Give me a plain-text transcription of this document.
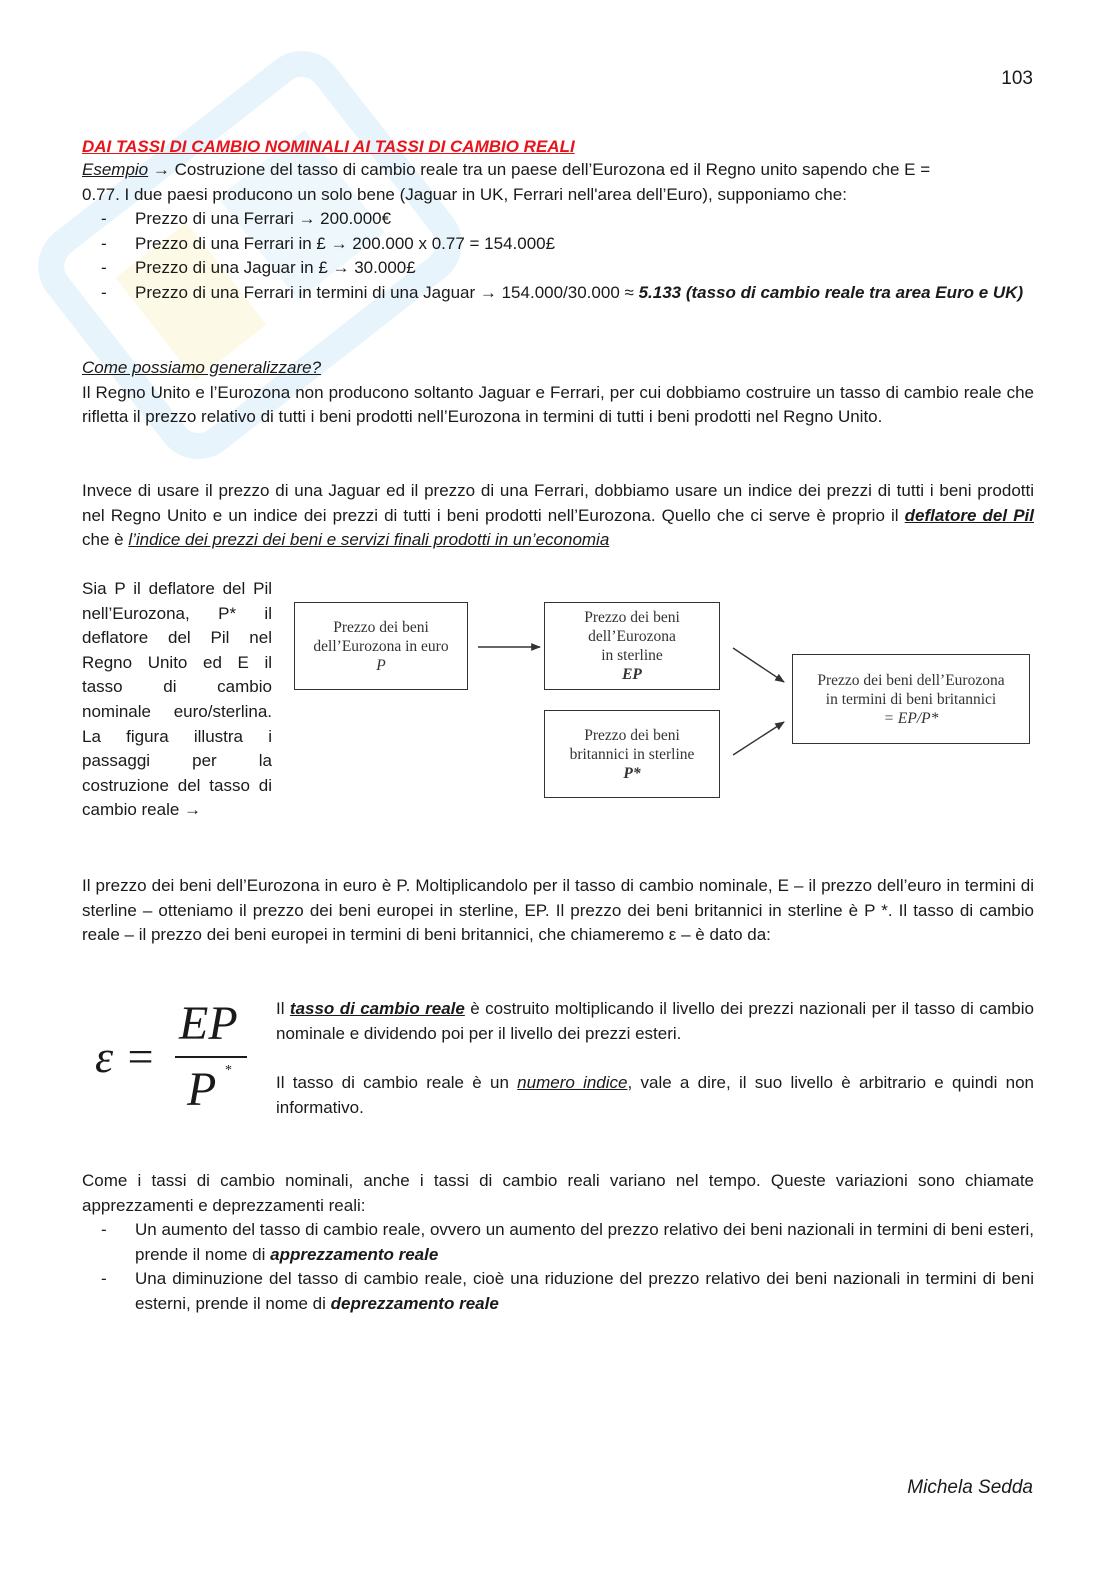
103
DAI TASSI DI CAMBIO NOMINALI AI TASSI DI CAMBIO REALI
Esempio → Costruzione del tasso di cambio reale tra un paese dell’Eurozona ed il Regno unito sapendo che E =
0.77. I due paesi producono un solo bene (Jaguar in UK, Ferrari nell'area dell’Euro), supponiamo che:
- Prezzo di una Ferrari → 200.000€
- Prezzo di una Ferrari in £ → 200.000 x 0.77 = 154.000£
- Prezzo di una Jaguar in £ → 30.000£
- Prezzo di una Ferrari in termini di una Jaguar → 154.000/30.000 ≈ 5.133 (tasso di cambio reale tra area Euro e UK)
Come possiamo generalizzare?
Il Regno Unito e l’Eurozona non producono soltanto Jaguar e Ferrari, per cui dobbiamo costruire un tasso di cambio reale che rifletta il prezzo relativo di tutti i beni prodotti nell’Eurozona in termini di tutti i beni prodotti nel Regno Unito.
Invece di usare il prezzo di una Jaguar ed il prezzo di una Ferrari, dobbiamo usare un indice dei prezzi di tutti i beni prodotti nel Regno Unito e un indice dei prezzi di tutti i beni prodotti nell’Eurozona. Quello che ci serve è proprio il deflatore del Pil che è l’indice dei prezzi dei beni e servizi finali prodotti in un’economia
Sia P il deflatore del Pil nell’Eurozona, P* il deflatore del Pil nel Regno Unito ed E il tasso di cambio nominale euro/sterlina. La figura illustra i passaggi per la costruzione del tasso di cambio reale →
Prezzo dei beni
dell’Eurozona in euro
P
Prezzo dei beni
dell’Eurozona
in sterline
EP
Prezzo dei beni
britannici in sterline
P*
Prezzo dei beni dell’Eurozona
in termini di beni britannici
= EP/P*
Il prezzo dei beni dell’Eurozona in euro è P. Moltiplicandolo per il tasso di cambio nominale, E – il prezzo dell’euro in termini di sterline – otteniamo il prezzo dei beni europei in sterline, EP. Il prezzo dei beni britannici in sterline è P *. Il tasso di cambio reale – il prezzo dei beni europei in termini di beni britannici, che chiameremo ε – è dato da:
ε =
EP
P *
Il tasso di cambio reale è costruito moltiplicando il livello dei prezzi nazionali per il tasso di cambio nominale e dividendo poi per il livello dei prezzi esteri.
Il tasso di cambio reale è un numero indice, vale a dire, il suo livello è arbitrario e quindi non informativo.
Come i tassi di cambio nominali, anche i tassi di cambio reali variano nel tempo. Queste variazioni sono chiamate apprezzamenti e deprezzamenti reali:
- Un aumento del tasso di cambio reale, ovvero un aumento del prezzo relativo dei beni nazionali in termini di beni esteri, prende il nome di apprezzamento reale
- Una diminuzione del tasso di cambio reale, cioè una riduzione del prezzo relativo dei beni nazionali in termini di beni esterni, prende il nome di deprezzamento reale
Michela Sedda
